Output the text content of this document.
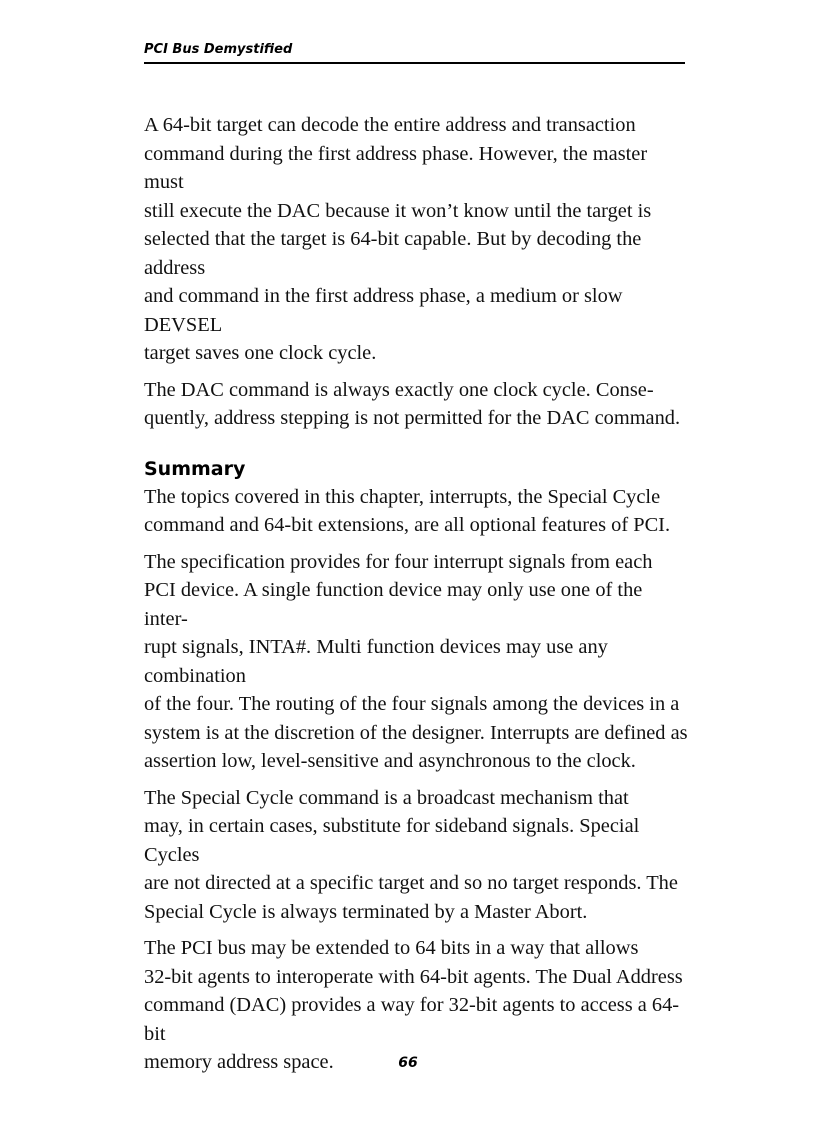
PCI Bus Demystified

A 64-bit target can decode the entire address and transaction
command during the first address phase. However, the master must
still execute the DAC because it won’t know until the target is
selected that the target is 64-bit capable. But by decoding the address
and command in the first address phase, a medium or slow DEVSEL
target saves one clock cycle.

The DAC command is always exactly one clock cycle. Conse-
quently, address stepping is not permitted for the DAC command.

Summary

The topics covered in this chapter, interrupts, the Special Cycle
command and 64-bit extensions, are all optional features of PCI.

The specification provides for four interrupt signals from each
PCI device. A single function device may only use one of the inter-
rupt signals, INTA#. Multi function devices may use any combination
of the four. The routing of the four signals among the devices in a
system is at the discretion of the designer. Interrupts are defined as
assertion low, level-sensitive and asynchronous to the clock.

The Special Cycle command is a broadcast mechanism that
may, in certain cases, substitute for sideband signals. Special Cycles
are not directed at a specific target and so no target responds. The
Special Cycle is always terminated by a Master Abort.

The PCI bus may be extended to 64 bits in a way that allows
32-bit agents to interoperate with 64-bit agents. The Dual Address
command (DAC) provides a way for 32-bit agents to access a 64-bit
memory address space.	66
